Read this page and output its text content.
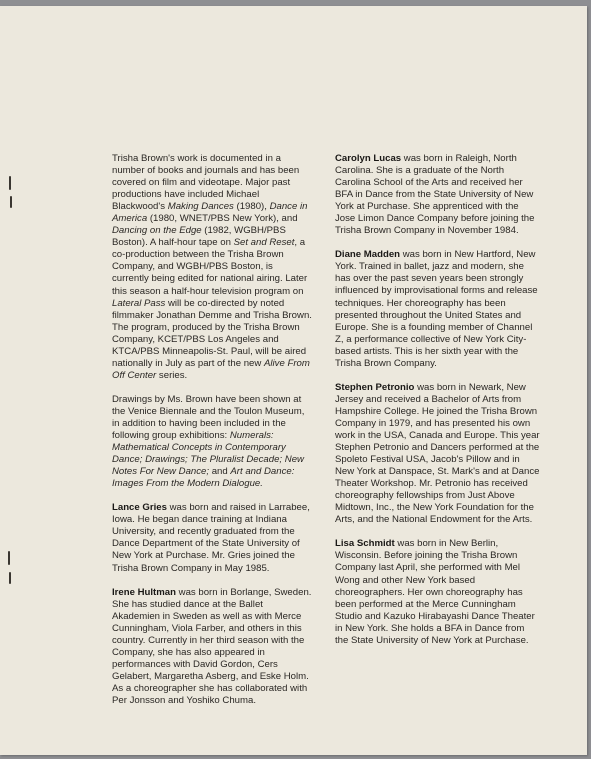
Trisha Brown's work is documented in a number of books and journals and has been covered on film and videotape. Major past productions have included Michael Blackwood's Making Dances (1980), Dance in America (1980, WNET/PBS New York), and Dancing on the Edge (1982, WGBH/PBS Boston). A half-hour tape on Set and Reset, a co-production between the Trisha Brown Company, and WGBH/PBS Boston, is currently being edited for national airing. Later this season a half-hour television program on Lateral Pass will be co-directed by noted filmmaker Jonathan Demme and Trisha Brown. The program, produced by the Trisha Brown Company, KCET/PBS Los Angeles and KTCA/PBS Minneapolis-St. Paul, will be aired nationally in July as part of the new Alive From Off Center series.

Drawings by Ms. Brown have been shown at the Venice Biennale and the Toulon Museum, in addition to having been included in the following group exhibitions: Numerals: Mathematical Concepts in Contemporary Dance; Drawings; The Pluralist Decade; New Notes For New Dance; and Art and Dance: Images From the Modern Dialogue.

Lance Gries was born and raised in Larrabee, Iowa. He began dance training at Indiana University, and recently graduated from the Dance Department of the State University of New York at Purchase. Mr. Gries joined the Trisha Brown Company in May 1985.

Irene Hultman was born in Borlange, Sweden. She has studied dance at the Ballet Akademien in Sweden as well as with Merce Cunningham, Viola Farber, and others in this country. Currently in her third season with the Company, she has also appeared in performances with David Gordon, Cers Gelabert, Margaretha Asberg, and Eske Holm. As a choreographer she has collaborated with Per Jonsson and Yoshiko Chuma.

Carolyn Lucas was born in Raleigh, North Carolina. She is a graduate of the North Carolina School of the Arts and received her BFA in Dance from the State University of New York at Purchase. She apprenticed with the Jose Limon Dance Company before joining the Trisha Brown Company in November 1984.

Diane Madden was born in New Hartford, New York. Trained in ballet, jazz and modern, she has over the past seven years been strongly influenced by improvisational forms and release techniques. Her choreography has been presented throughout the United States and Europe. She is a founding member of Channel Z, a performance collective of New York City-based artists. This is her sixth year with the Trisha Brown Company.

Stephen Petronio was born in Newark, New Jersey and received a Bachelor of Arts from Hampshire College. He joined the Trisha Brown Company in 1979, and has presented his own work in the USA, Canada and Europe. This year Stephen Petronio and Dancers performed at the Spoleto Festival USA, Jacob's Pillow and in New York at Danspace, St. Mark's and at Dance Theater Workshop. Mr. Petronio has received choreography fellowships from Just Above Midtown, Inc., the New York Foundation for the Arts, and the National Endowment for the Arts.

Lisa Schmidt was born in New Berlin, Wisconsin. Before joining the Trisha Brown Company last April, she performed with Mel Wong and other New York based choreographers. Her own choreography has been performed at the Merce Cunningham Studio and Kazuko Hirabayashi Dance Theater in New York. She holds a BFA in Dance from the State University of New York at Purchase.
